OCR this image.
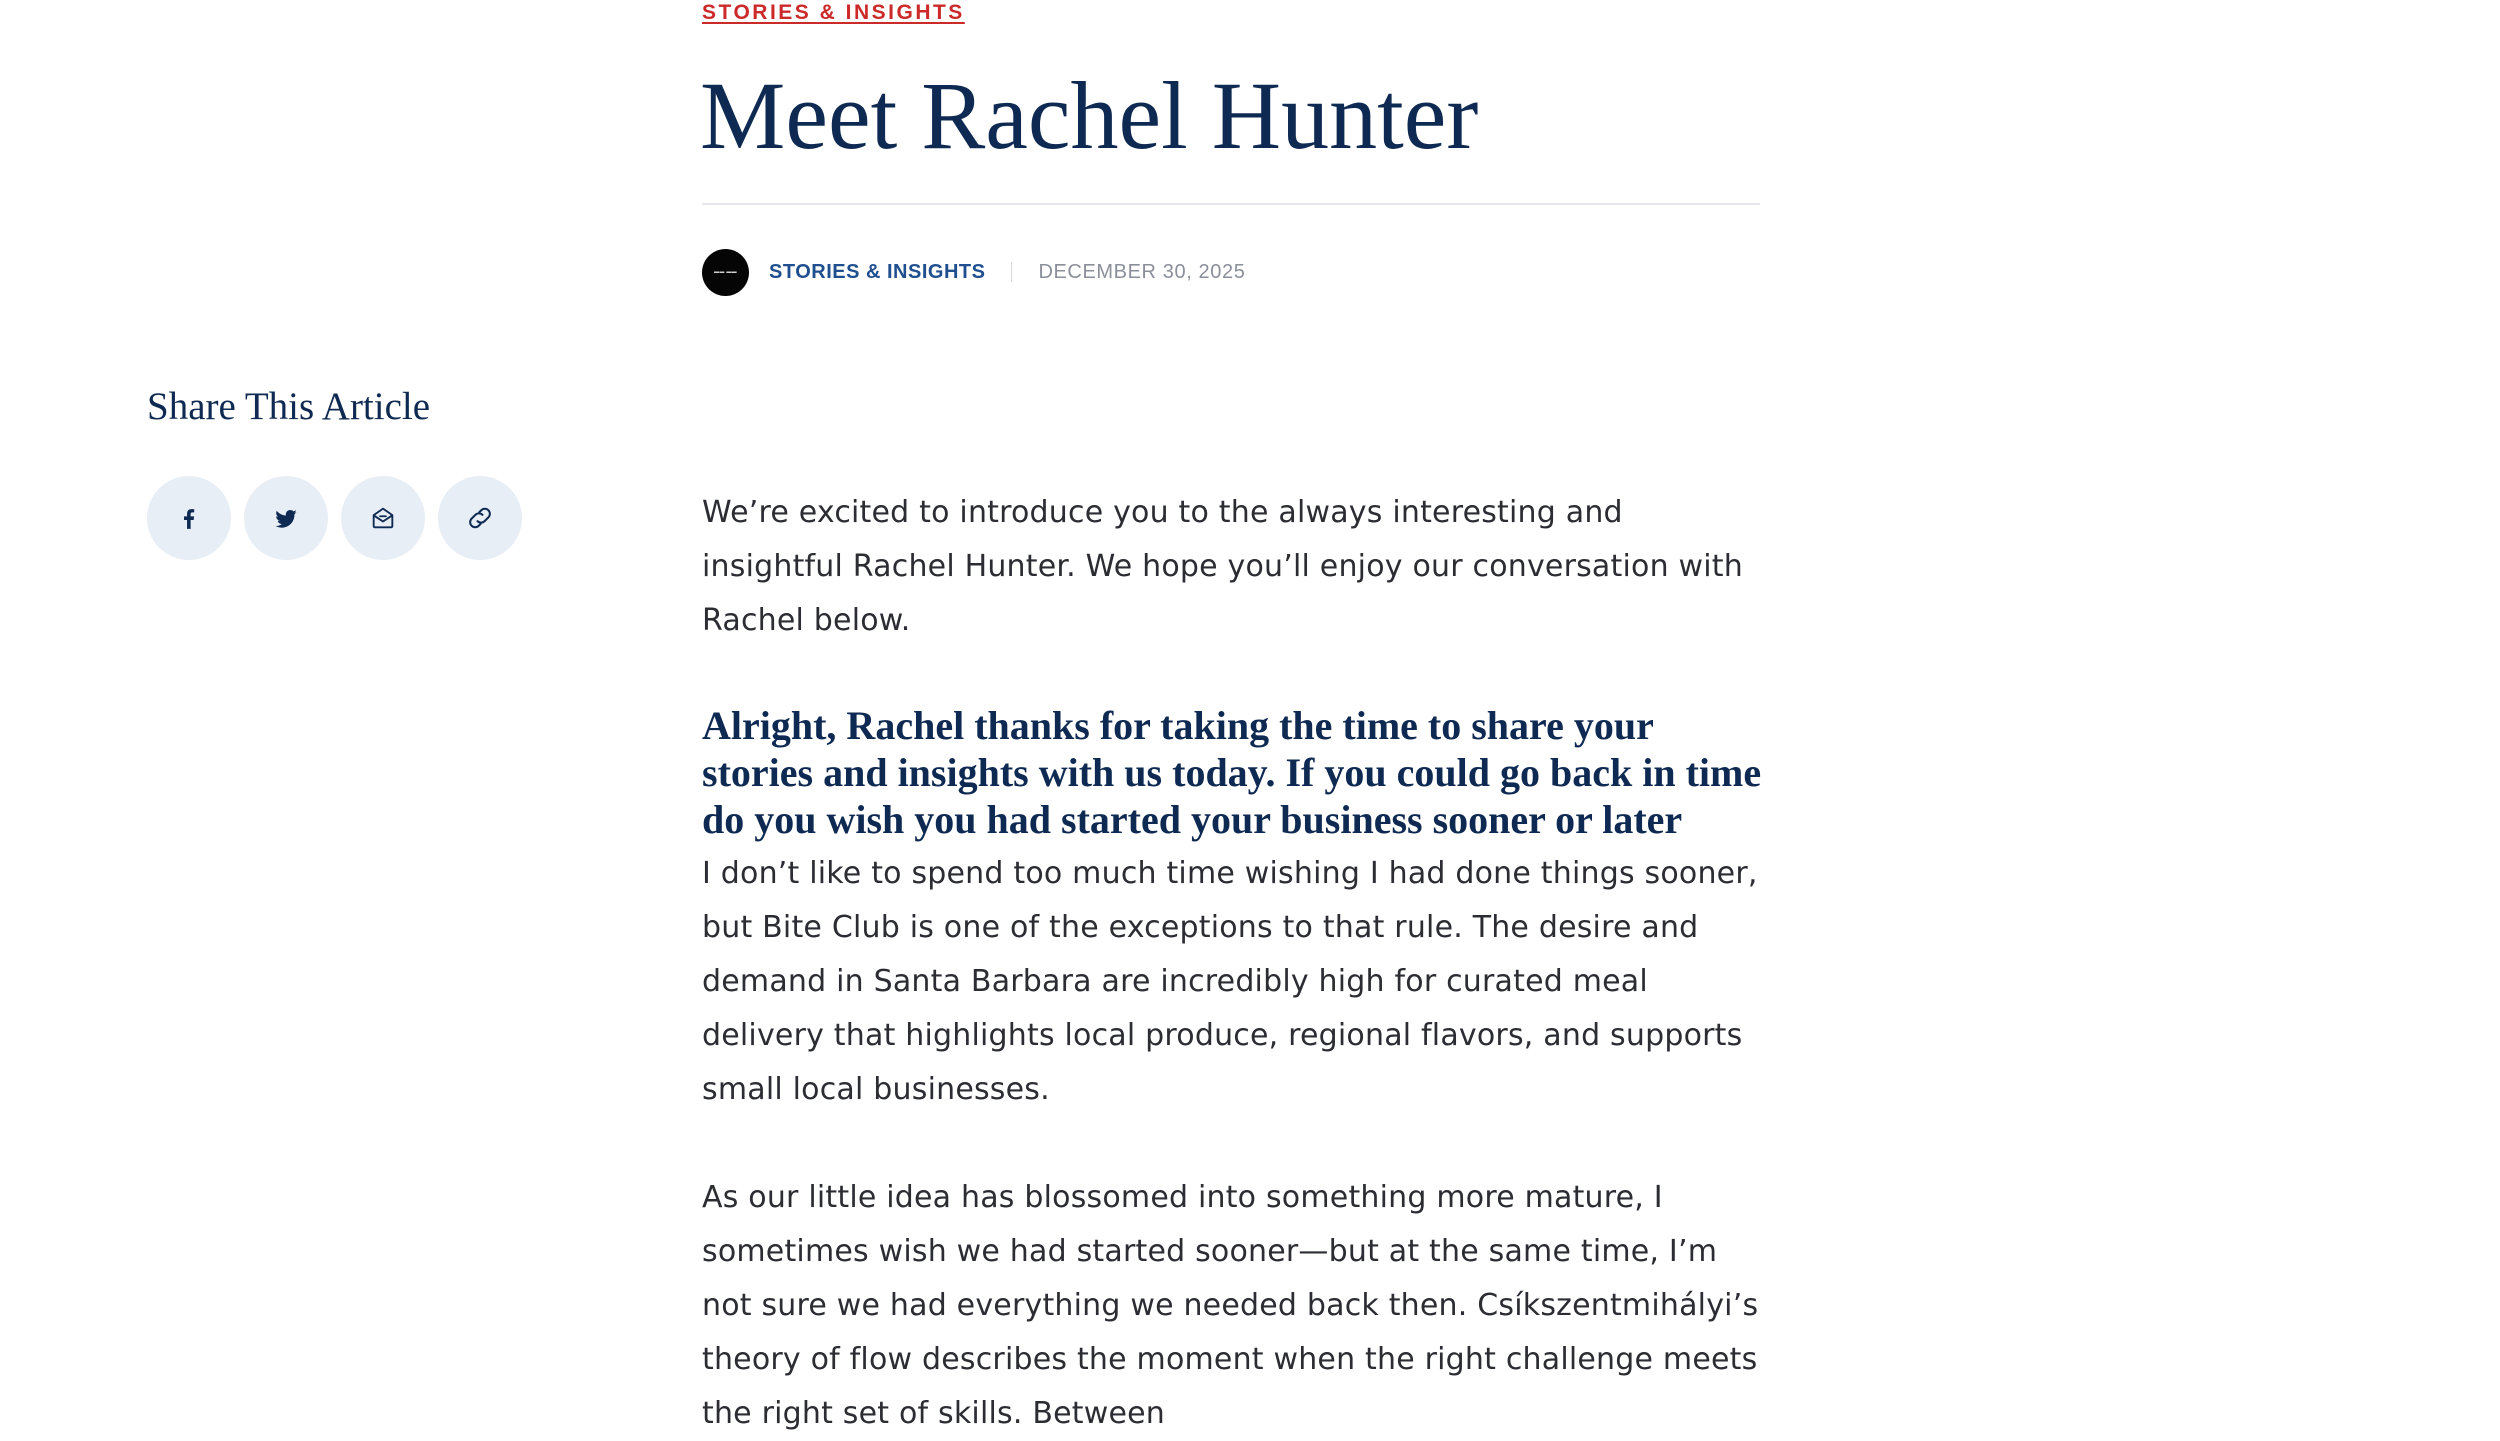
STORIES & INSIGHTS
Meet Rachel Hunter
▬▬ ▬▬ STORIES & INSIGHTS	DECEMBER 30, 2025
Share This Article

We’re excited to introduce you to the always interesting and insightful Rachel Hunter. We hope you’ll enjoy our conversation with Rachel below.

Alright, Rachel thanks for taking the time to share your stories and insights with us today. If you could go back in time do you wish you had started your business sooner or later

I don’t like to spend too much time wishing I had done things sooner, but Bite Club is one of the exceptions to that rule. The desire and demand in Santa Barbara are incredibly high for curated meal delivery that highlights local produce, regional flavors, and supports small local businesses.

As our little idea has blossomed into something more mature, I sometimes wish we had started sooner—but at the same time, I’m not sure we had everything we needed back then. Csíkszentmihályi’s theory of flow describes the moment when the right challenge meets the right set of skills. Between
